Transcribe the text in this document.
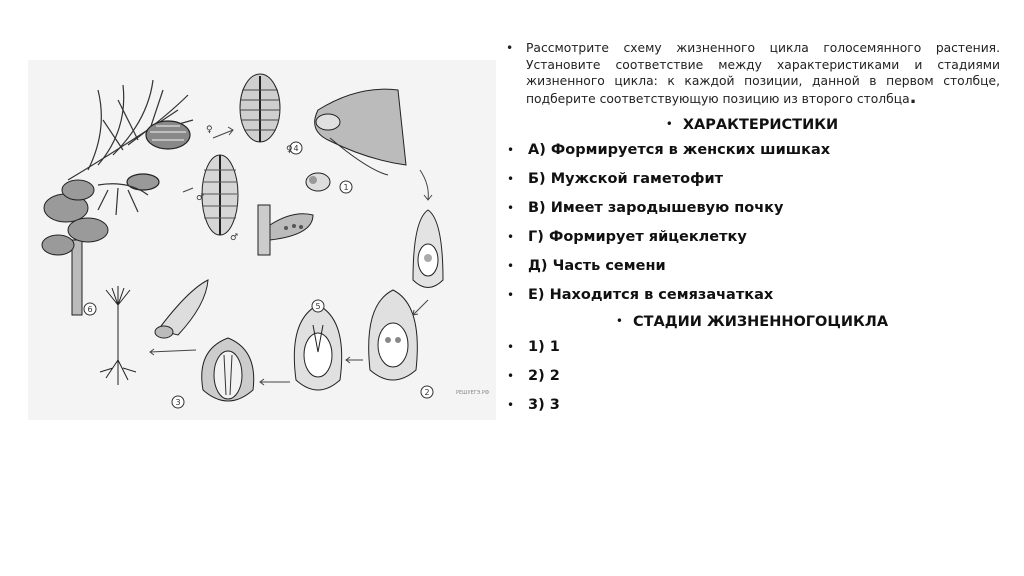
1
2
3
4
5
6
♀
♀
♂
♂
РЕШУЕГЭ.РФ

• Рассмотрите схему жизненного цикла голосемянного растения. Установите соответствие между характеристиками и стадиями жизненного цикла: к каждой позиции, данной в первом столбце, подберите соответствующую позицию из второго столбца.

• ХАРАКТЕРИСТИКИ

• А) Формируется в женских шишках
• Б) Мужской гаметофит
• В) Имеет зародышевую почку
• Г) Формирует яйцеклетку
• Д) Часть семени
• Е) Находится в семязачатках

• СТАДИИ ЖИЗНЕННОГОЦИКЛА

• 1) 1
• 2) 2
• 3) 3
